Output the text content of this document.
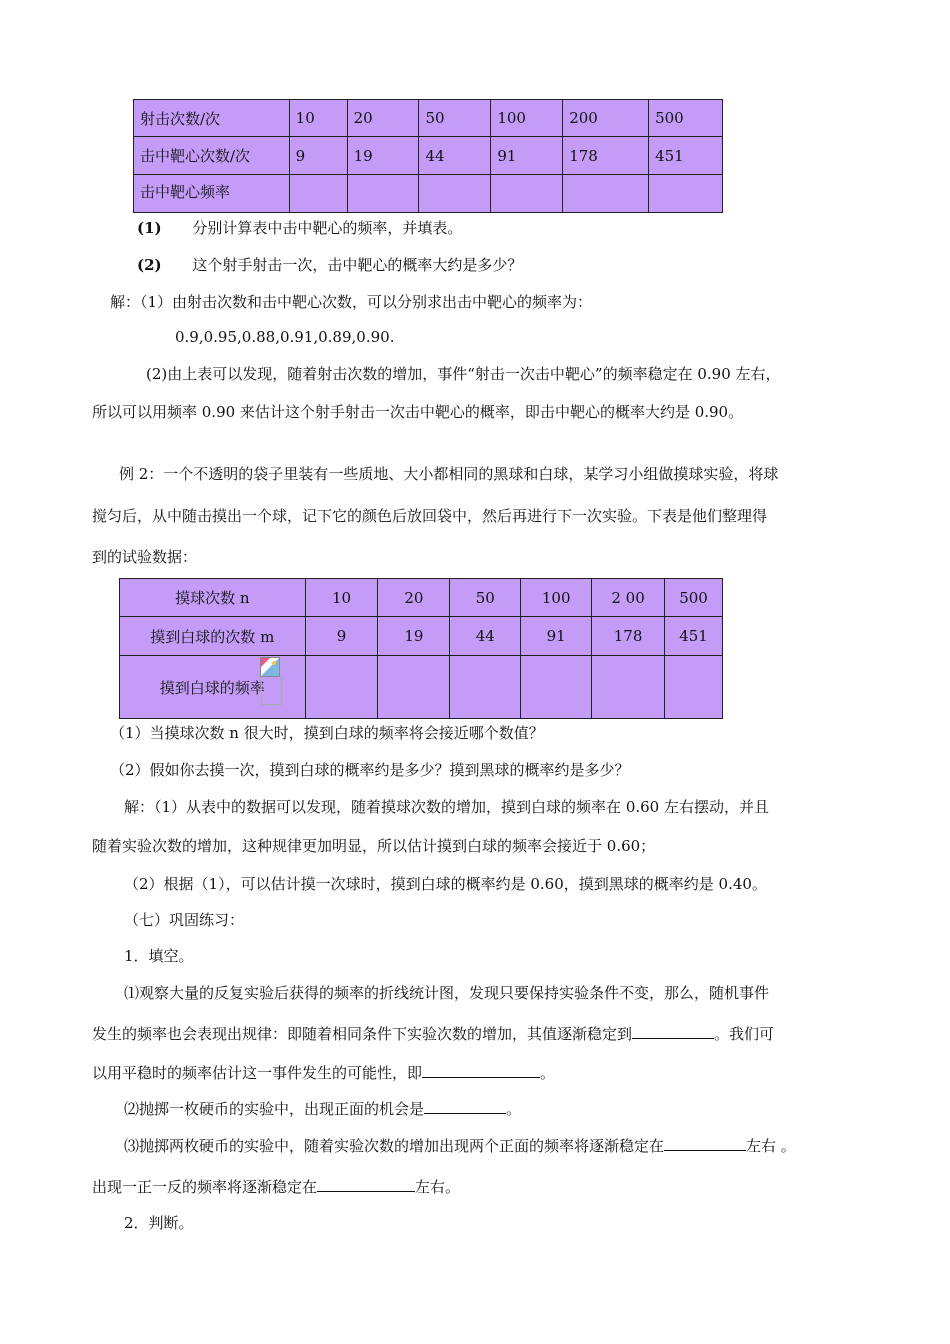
射击次数/次	10	20	50	100	200	500
击中靶心次数/次	9	19	44	91	178	451
击中靶心频率						
(1) 分别计算表中击中靶心的频率，并填表。
(2) 这个射手射击一次，击中靶心的概率大约是多少？
解：（1）由射击次数和击中靶心次数，可以分别求出击中靶心的频率为：
0.9,0.95,0.88,0.91,0.89,0.90.
(2)由上表可以发现，随着射击次数的增加，事件“射击一次击中靶心”的频率稳定在 0.90 左右，
所以可以用频率 0.90 来估计这个射手射击一次击中靶心的概率，即击中靶心的概率大约是 0.90。
例 2：一个不透明的袋子里装有一些质地、大小都相同的黑球和白球，某学习小组做摸球实验，将球
搅匀后，从中随击摸出一个球，记下它的颜色后放回袋中，然后再进行下一次实验。下表是他们整理得
到的试验数据：
摸球次数 n	10	20	50	100	2 00	500
摸到白球的次数 m	9	19	44	91	178	451
摸到白球的频率						
（1）当摸球次数 n 很大时，摸到白球的频率将会接近哪个数值？
（2）假如你去摸一次，摸到白球的概率约是多少？摸到黑球的概率约是多少？
解：（1）从表中的数据可以发现，随着摸球次数的增加，摸到白球的频率在 0.60 左右摆动，并且
随着实验次数的增加，这种规律更加明显，所以估计摸到白球的频率会接近于 0.60；
（2）根据（1），可以估计摸一次球时，摸到白球的概率约是 0.60，摸到黑球的概率约是 0.40。
（七）巩固练习：
1．填空。
⑴观察大量的反复实验后获得的频率的折线统计图，发现只要保持实验条件不变，那么，随机事件
发生的频率也会表现出规律：即随着相同条件下实验次数的增加，其值逐渐稳定到	。我们可
以用平稳时的频率估计这一事件发生的可能性，即	。
⑵抛掷一枚硬币的实验中，出现正面的机会是	。
⑶抛掷两枚硬币的实验中，随着实验次数的增加出现两个正面的频率将逐渐稳定在	左右 。
出现一正一反的频率将逐渐稳定在	左右。
2．判断。
